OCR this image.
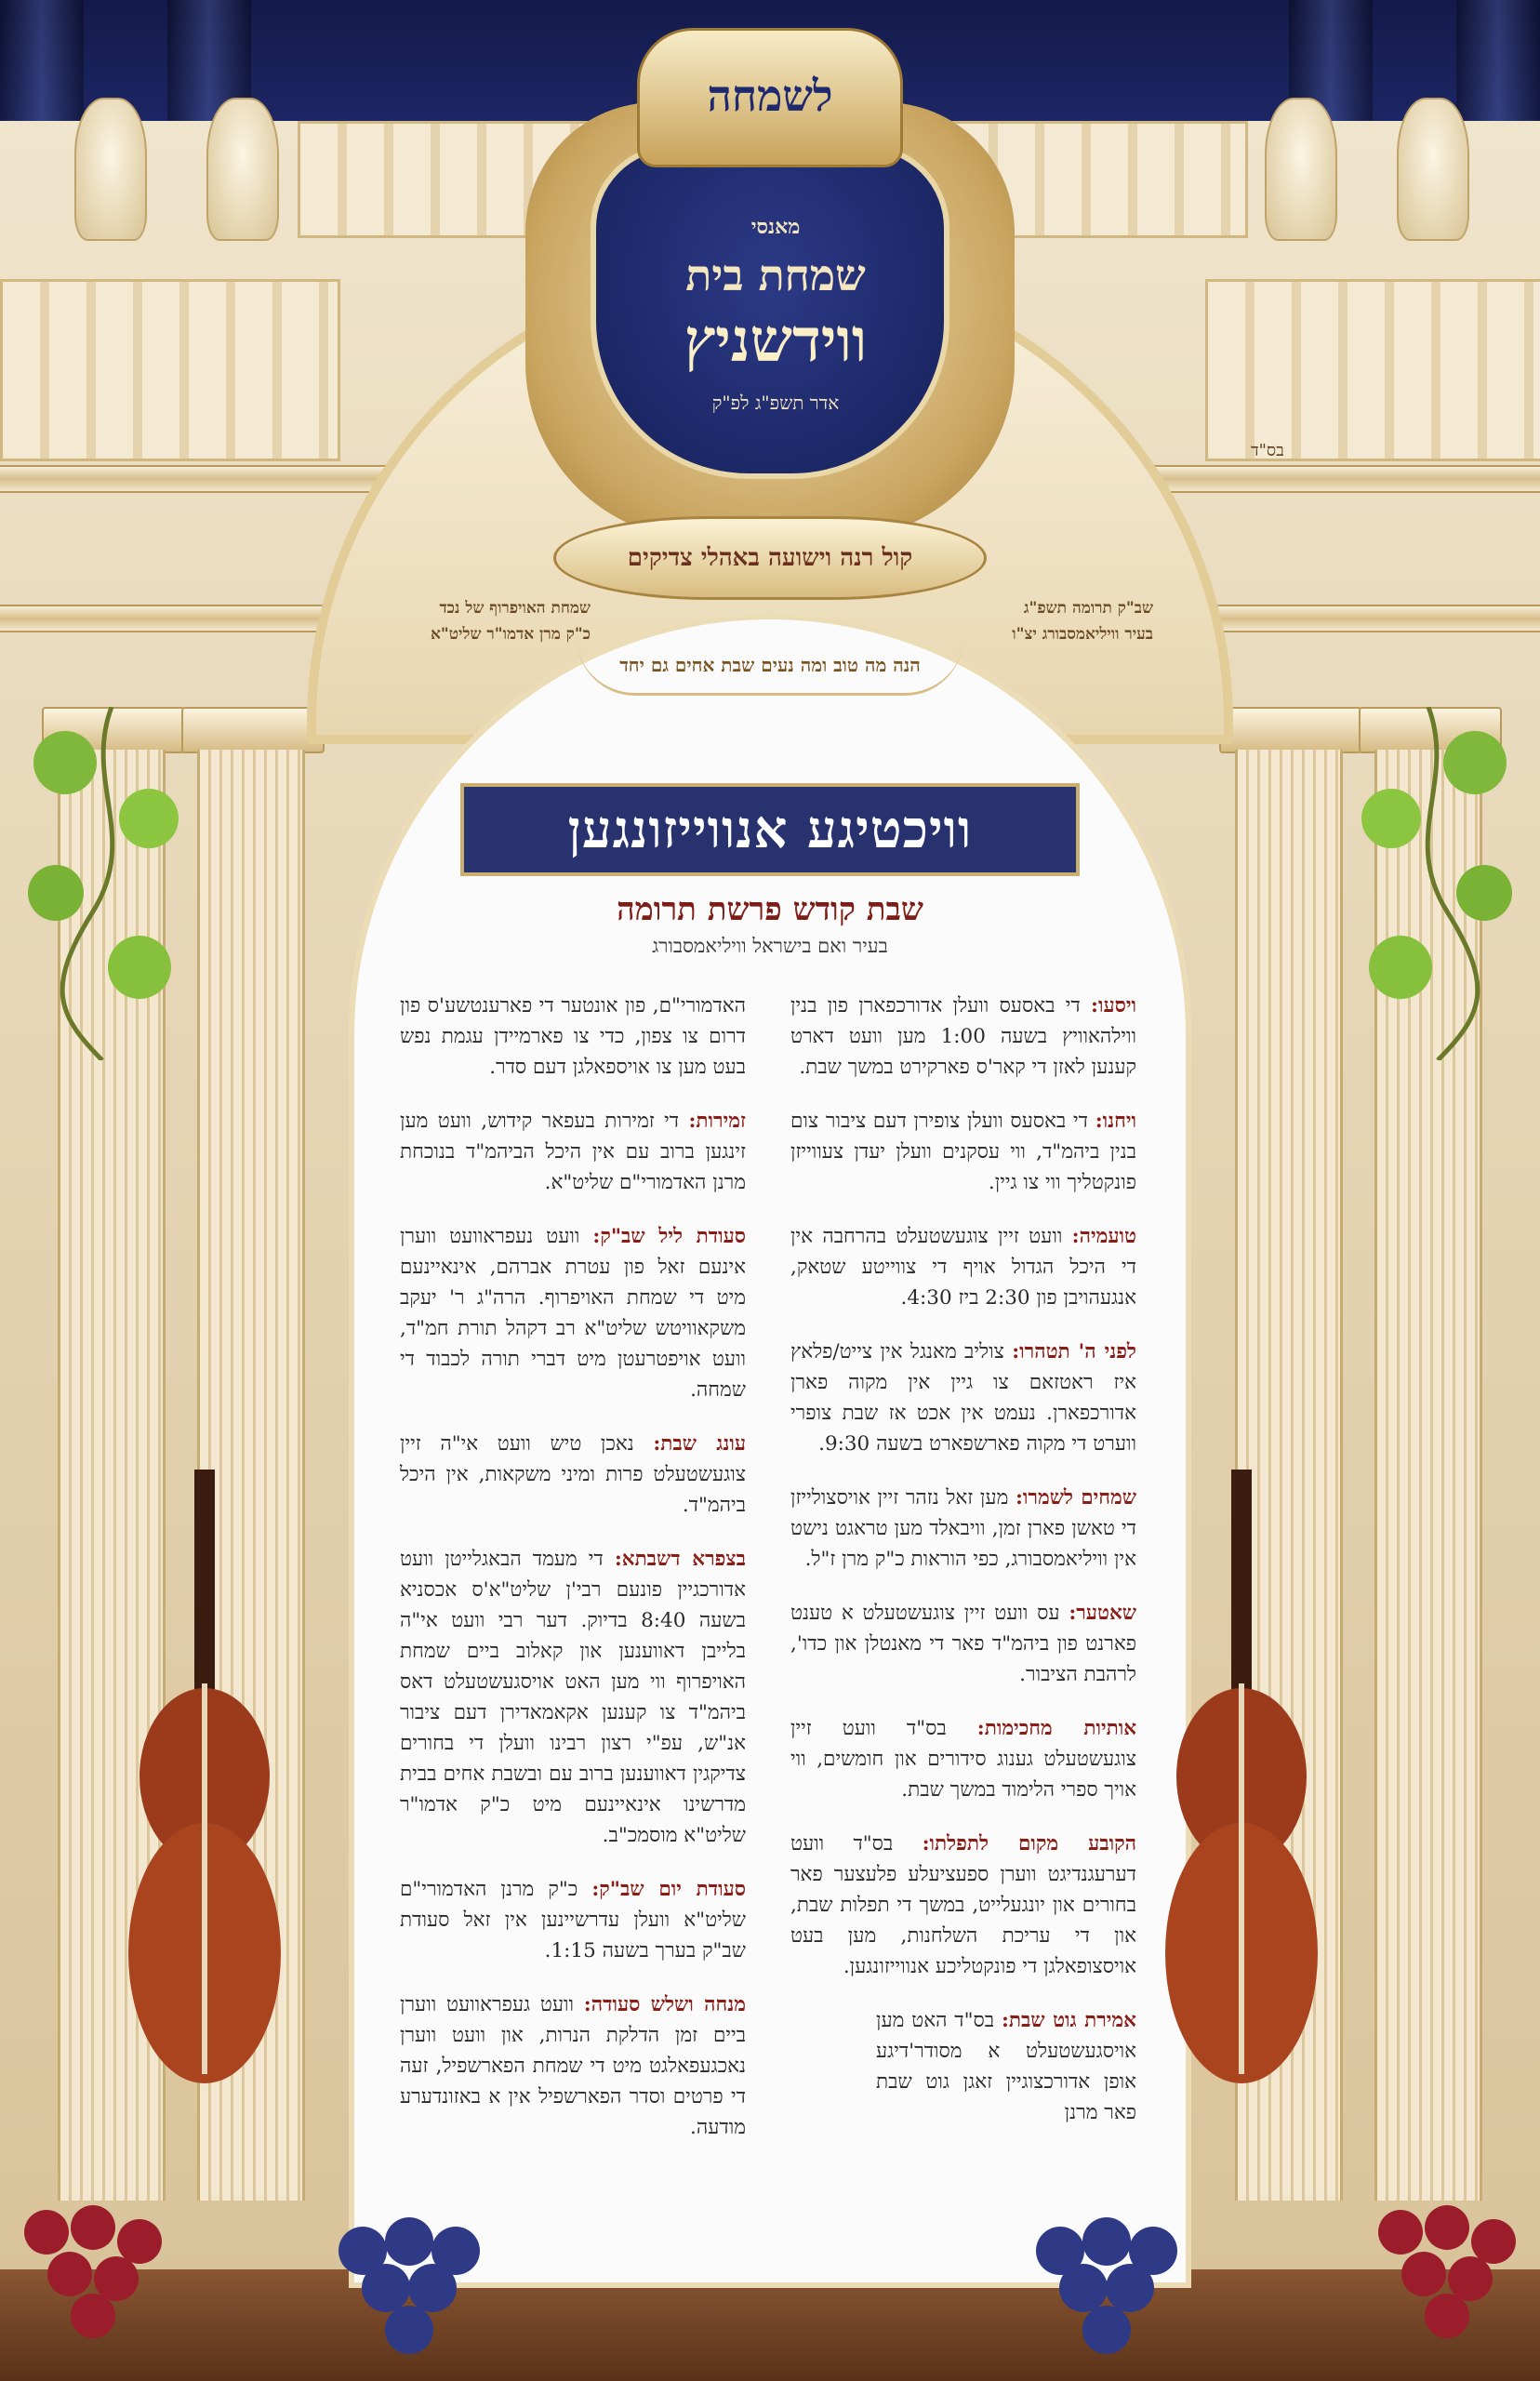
מאנסי
שמחת בית
ווידשניץ
אדר תשפ"ג לפ"ק
לשמחה
קול רנה וישועה באהלי צדיקים
שמחת האויפרוף של נכד
כ"ק מרן אדמו"ר שליט"א
שב"ק תרומה תשפ"ג
בעיר וויליאמסבורג יצ"ו
בס"ד
הנה מה טוב ומה נעים שבת אחים גם יחד
וויכטיגע אנווייזונגען
שבת קודש פרשת תרומה
בעיר ואם בישראל וויליאמסבורג

ויסעו: די באסעס וועלן אדורכפארן פון בנין ווילהאוויץ בשעה 1:00 מען וועט דארט קענען לאזן די קאר'ס פארקירט במשך שבת.

ויחנו: די באסעס וועלן צופירן דעם ציבור צום בנין ביהמ"ד, ווי עסקנים וועלן יעדן צעווייזן פונקטליך ווי צו גיין.

טועמיה: וועט זיין צוגעשטעלט בהרחבה אין די היכל הגדול אויף די צווייטע שטאק, אנגעהויבן פון 2:30 ביז 4:30.

לפני ה' תטהרו: צוליב מאנגל אין צייט/פלאץ איז ראטזאם צו גיין אין מקוה פארן אדורכפארן. נעמט אין אכט אז שבת צופרי ווערט די מקוה פארשפארט בשעה 9:30.

שמחים לשמרו: מען זאל נזהר זיין אויסצולייזן די טאשן פארן זמן, וויבאלד מען טראגט נישט אין וויליאמסבורג, כפי הוראות כ"ק מרן ז"ל.

שאטער: עס וועט זיין צוגעשטעלט א טענט פארנט פון ביהמ"ד פאר די מאנטלן און כדו', לרהבת הציבור.

אותיות מחכימות: בס"ד וועט זיין צוגעשטעלט גענוג סידורים און חומשים, ווי אויך ספרי הלימוד במשך שבת.

הקובע מקום לתפלתו: בס"ד וועט דערעגנדיגט ווערן ספעציעלע פלעצער פאר בחורים און יונגעלייט, במשך די תפלות שבת, און די עריכת השלחנות, מען בעט אויסצופאלגן די פונקטליכע אנווייזונגען.

אמירת גוט שבת: בס"ד האט מען אויסגעשטעלט א מסודר'דיגע אופן אדורכצוגיין זאגן גוט שבת פאר מרנן

האדמורי"ם, פון אונטער די פארענטשע'ס פון דרום צו צפון, כדי צו פארמיידן עגמת נפש בעט מען צו אויספאלגן דעם סדר.

זמירות: די זמירות בעפאר קידוש, וועט מען זינגען ברוב עם אין היכל הביהמ"ד בנוכחת מרנן האדמורי"ם שליט"א.

סעודת ליל שב"ק: וועט נעפראוועט ווערן אינעם זאל פון עטרת אברהם, אינאיינעם מיט די שמחת האויפרוף. הרה"ג ר' יעקב משקאוויטש שליט"א רב דקהל תורת חמ"ד, וועט אויפטרעטן מיט דברי תורה לכבוד די שמחה.

עונג שבת: נאכן טיש וועט אי"ה זיין צוגעשטעלט פרות ומיני משקאות, אין היכל ביהמ"ד.

בצפרא דשבתא: די מעמד הבאגלייטן וועט אדורכגיין פונעם רבי'ן שליט"א'ס אכסניא בשעה 8:40 בדיוק. דער רבי וועט אי"ה בלייבן דאווענען און קאלוב ביים שמחת האויפרוף ווי מען האט אויסגעשטעלט דאס ביהמ"ד צו קענען אקאמאדירן דעם ציבור אנ"ש, עפ"י רצון רבינו וועלן די בחורים צדיקגין דאווענען ברוב עם ובשבת אחים בבית מדרשינו אינאיינעם מיט כ"ק אדמו"ר שליט"א מוסמכ"ב.

סעודת יום שב"ק: כ"ק מרנן האדמורי"ם שליט"א וועלן עדרשיינען אין זאל סעודת שב"ק בערך בשעה 1:15.

מנחה ושלש סעודה: וועט געפראוועט ווערן ביים זמן הדלקת הנרות, און וועט ווערן נאכגעפאלגט מיט די שמחת הפארשפיל, זעה די פרטים וסדר הפארשפיל אין א באזונדערע מודעה.
